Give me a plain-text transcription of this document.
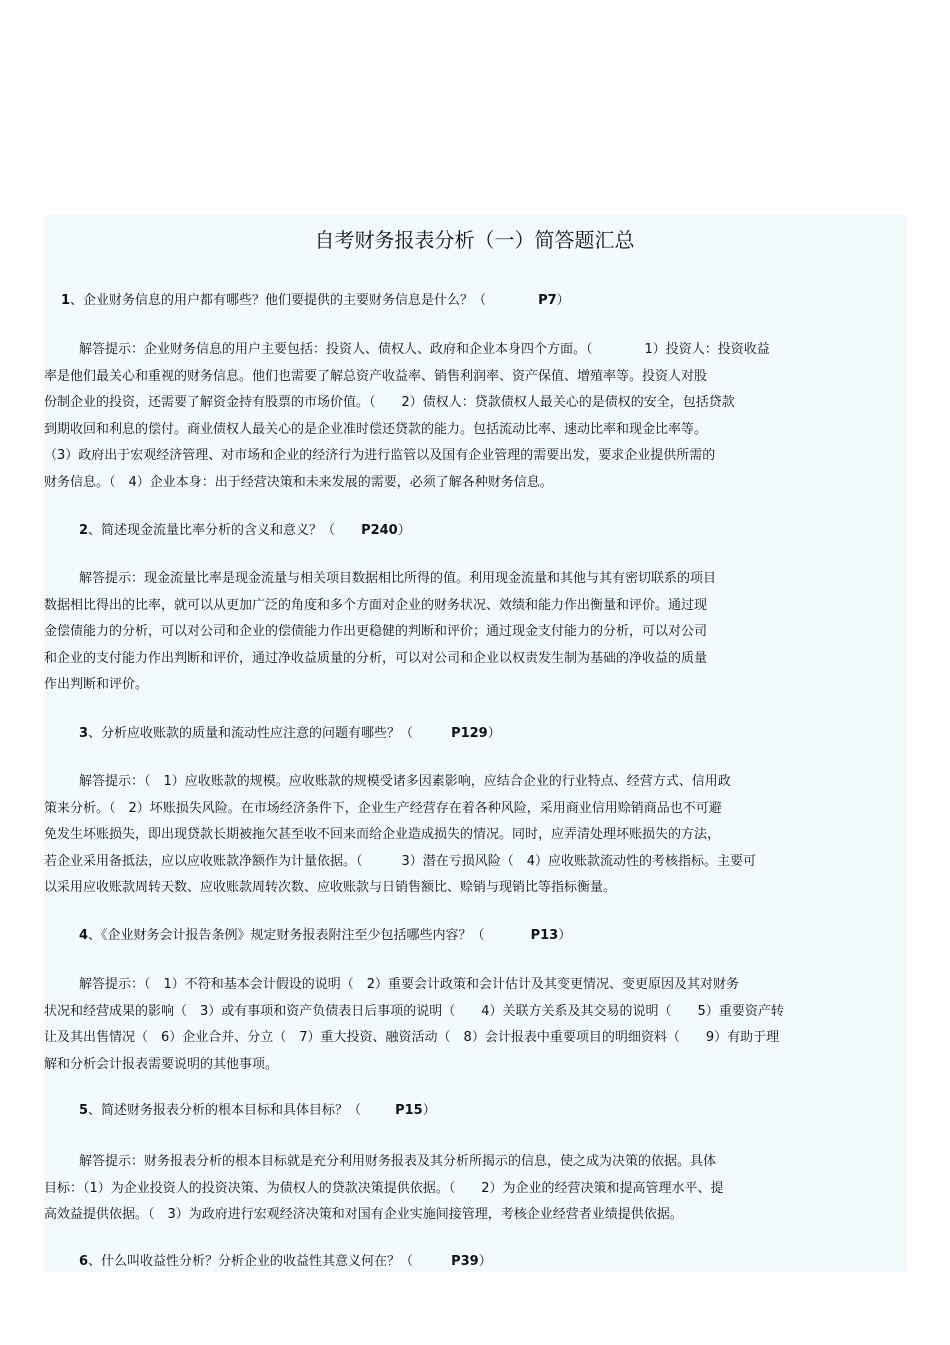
自考财务报表分析（一）简答题汇总
1、企业财务信息的用户都有哪些？他们要提供的主要财务信息是什么？（	P7）
解答提示：企业财务信息的用户主要包括：投资人、债权人、政府和企业本身四个方面。（　　　　1）投资人：投资收益
率是他们最关心和重视的财务信息。他们也需要了解总资产收益率、销售利润率、资产保值、增殖率等。投资人对股
份制企业的投资，还需要了解资金持有股票的市场价值。（　　2）债权人：贷款债权人最关心的是债权的安全，包括贷款
到期收回和利息的偿付。商业债权人最关心的是企业准时偿还贷款的能力。包括流动比率、速动比率和现金比率等。
（3）政府出于宏观经济管理、对市场和企业的经济行为进行监管以及国有企业管理的需要出发，要求企业提供所需的
财务信息。（　4）企业本身：出于经营决策和未来发展的需要，必须了解各种财务信息。
2、简述现金流量比率分析的含义和意义？（ P240）
解答提示：现金流量比率是现金流量与相关项目数据相比所得的值。利用现金流量和其他与其有密切联系的项目
数据相比得出的比率，就可以从更加广泛的角度和多个方面对企业的财务状况、效绩和能力作出衡量和评价。通过现
金偿债能力的分析，可以对公司和企业的偿债能力作出更稳健的判断和评价；通过现金支付能力的分析，可以对公司
和企业的支付能力作出判断和评价，通过净收益质量的分析，可以对公司和企业以权责发生制为基础的净收益的质量
作出判断和评价。
3、分析应收账款的质量和流动性应注意的问题有哪些？（	P129）
解答提示：（　1）应收账款的规模。应收账款的规模受诸多因素影响，应结合企业的行业特点、经营方式、信用政
策来分析。（　2）坏账损失风险。在市场经济条件下，企业生产经营存在着各种风险，采用商业信用赊销商品也不可避
免发生坏账损失，即出现贷款长期被拖欠甚至收不回来而给企业造成损失的情况。同时，应弄清处理坏账损失的方法，
若企业采用备抵法，应以应收账款净额作为计量依据。（　　　3）潜在亏损风险（　4）应收账款流动性的考核指标。主要可
以采用应收账款周转天数、应收账款周转次数、应收账款与日销售额比、赊销与现销比等指标衡量。
4、《企业财务会计报告条例》规定财务报表附注至少包括哪些内容？（	P13）
解答提示：（　1）不符和基本会计假设的说明（　2）重要会计政策和会计估计及其变更情况、变更原因及其对财务
状况和经营成果的影响（　3）或有事项和资产负债表日后事项的说明（　　4）关联方关系及其交易的说明（　　5）重要资产转
让及其出售情况（　6）企业合并、分立（　7）重大投资、融资活动（　8）会计报表中重要项目的明细资料（　　9）有助于理
解和分析会计报表需要说明的其他事项。
5、简述财务报表分析的根本目标和具体目标？（	P15）
解答提示：财务报表分析的根本目标就是充分利用财务报表及其分析所揭示的信息，使之成为决策的依据。具体
目标：（1）为企业投资人的投资决策、为债权人的贷款决策提供依据。（　　2）为企业的经营决策和提高管理水平、提
高效益提供依据。（　3）为政府进行宏观经济决策和对国有企业实施间接管理，考核企业经营者业绩提供依据。
6、什么叫收益性分析？分析企业的收益性其意义何在？（	P39）
